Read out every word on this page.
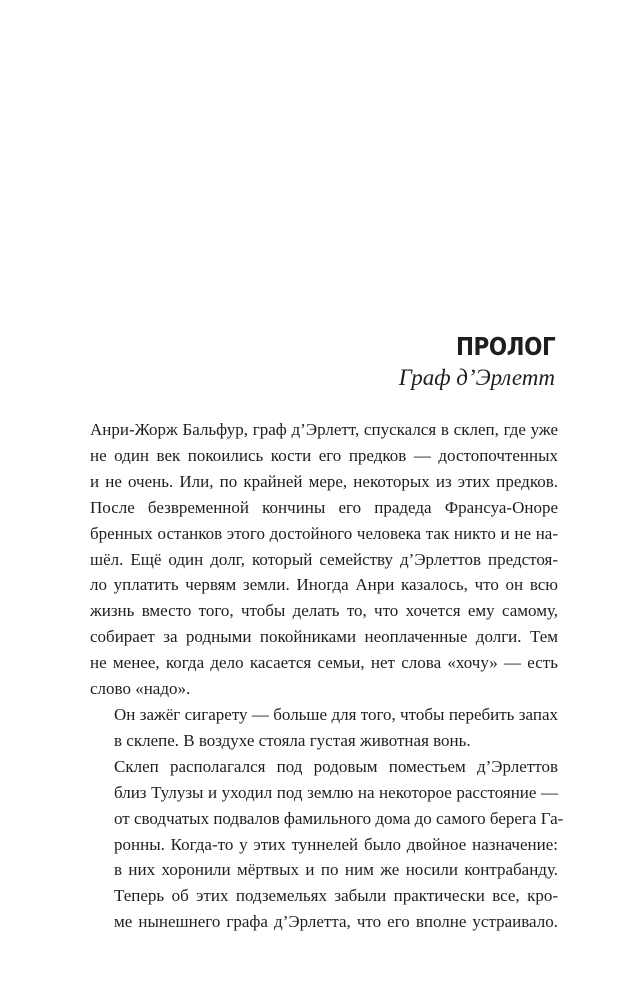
ПРОЛОГ
Граф д’Эрлетт

Анри-Жорж Бальфур, граф д’Эрлетт, спускался в склеп, где уже
не один век покоились кости его предков — достопочтенных
и не очень. Или, по крайней мере, некоторых из этих предков.
После безвременной кончины его прадеда Франсуа-Оноре
бренных останков этого достойного человека так никто и не на-
шёл. Ещё один долг, который семейству д’Эрлеттов предстоя-
ло уплатить червям земли. Иногда Анри казалось, что он всю
жизнь вместо того, чтобы делать то, что хочется ему самому,
собирает за родными покойниками неоплаченные долги. Тем
не менее, когда дело касается семьи, нет слова «хочу» — есть
слово «надо».

Он зажёг сигарету — больше для того, чтобы перебить запах
в склепе. В воздухе стояла густая животная вонь.

Склеп располагался под родовым поместьем д’Эрлеттов
близ Тулузы и уходил под землю на некоторое расстояние —
от сводчатых подвалов фамильного дома до самого берега Га-
ронны. Когда-то у этих туннелей было двойное назначение:
в них хоронили мёртвых и по ним же носили контрабанду.
Теперь об этих подземельях забыли практически все, кро-
ме нынешнего графа д’Эрлетта, что его вполне устраивало.
